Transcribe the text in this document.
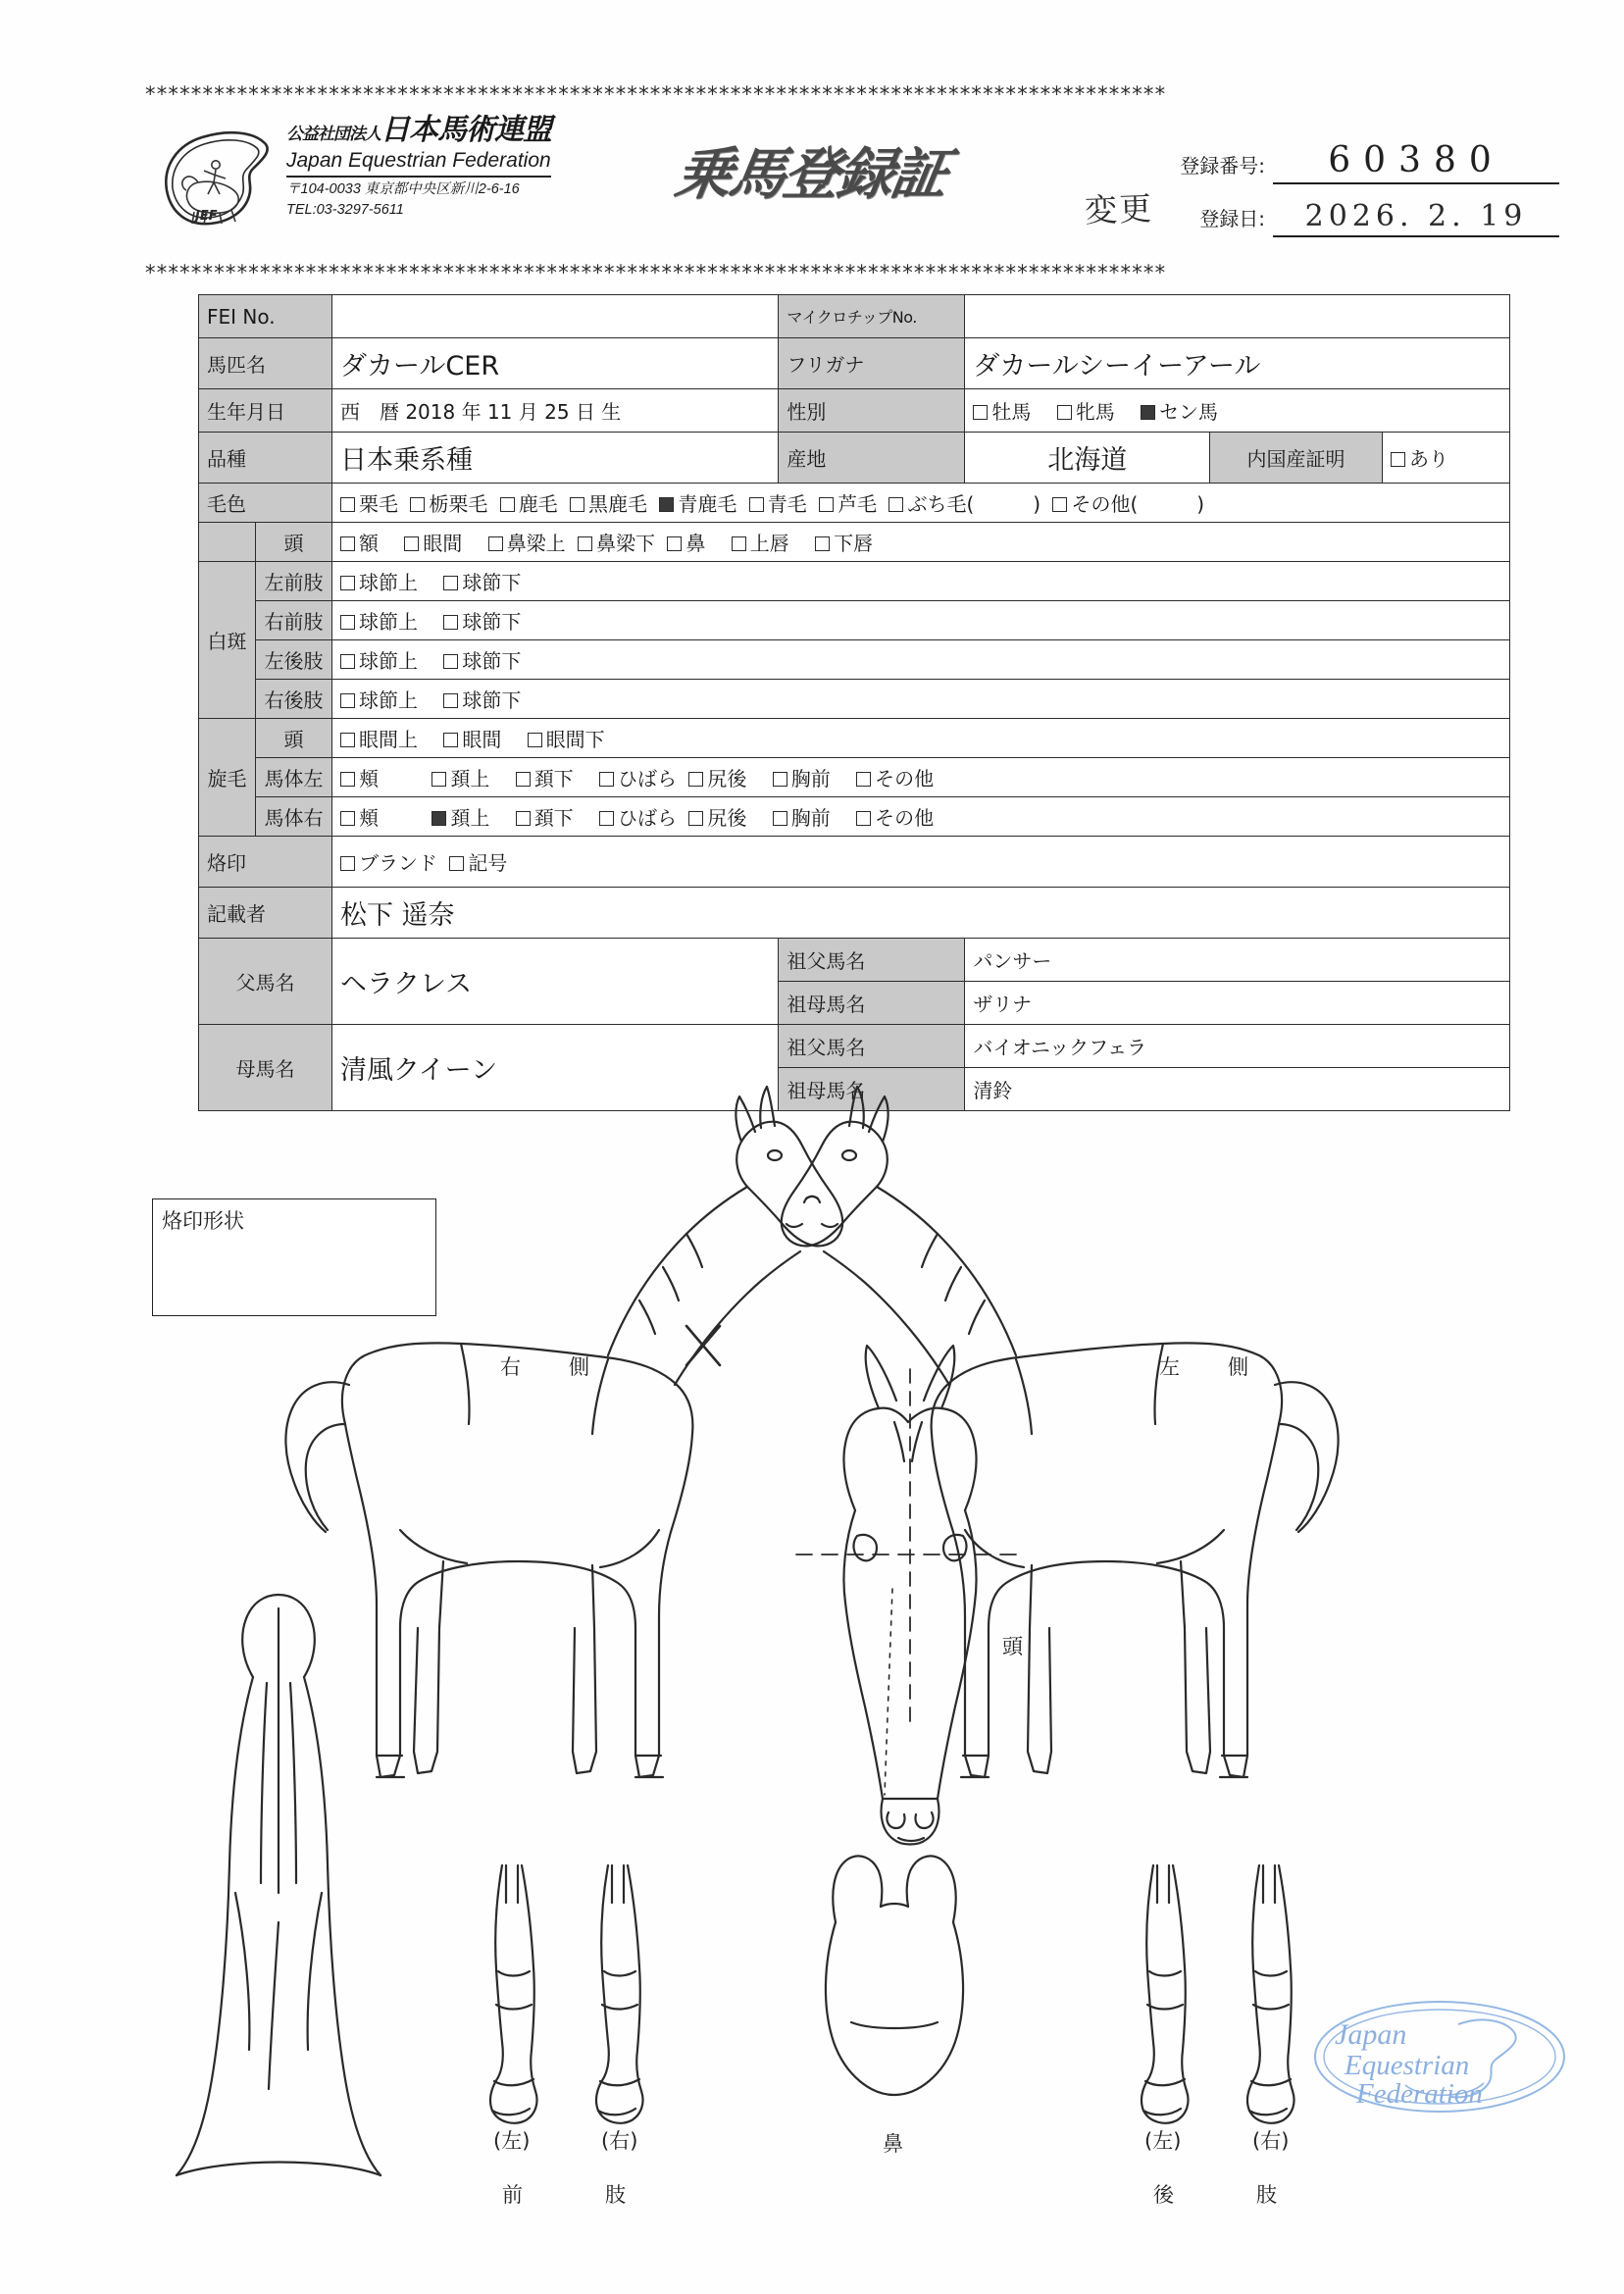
*****************************************************************************************
*****************************************************************************************
JEF
公益社団法人日本馬術連盟
Japan Equestrian Federation
〒104-0033 東京都中央区新川2-6-16
TEL:03-3297-5611
乗馬登録証
変更
登録番号:	60380
登録日:	2026. 2. 19
FEI No.			マイクロチップNo.			
馬匹名		ダカールCER	フリガナ	ダカールシーイーアール		
生年月日		西　暦 2018 年 11 月 25 日 生	性別	牡馬 牝馬 セン馬		
品種		日本乗系種	産地	北海道	内国産証明	あり
毛色		栗毛 栃栗毛 鹿毛 黒鹿毛 青鹿毛 青毛 芦毛 ぶち毛(　　　) その他(　　　)				
	頭	額 眼間 鼻梁上 鼻梁下 鼻 上唇 下唇				
白斑	左前肢	球節上 球節下				
	右前肢	球節上 球節下				
	左後肢	球節上 球節下				
	右後肢	球節上 球節下				
旋毛	頭	眼間上 眼間 眼間下				
	馬体左	頬 頚上 頚下 ひばら 尻後 胸前 その他				
	馬体右	頬 頚上 頚下 ひばら 尻後 胸前 その他				
烙印		ブランド 記号				
記載者		松下 遥奈				
父馬名		ヘラクレス	祖父馬名	パンサー		
			祖母馬名	ザリナ		
母馬名		清風クイーン	祖父馬名	バイオニックフェラ		
			祖母馬名	清鈴		
烙印形状
右　側	左　側
頭
鼻
(左)	(右)
前　　肢
(左)	(右)
後　　肢
Japan
Equestrian
Federation
